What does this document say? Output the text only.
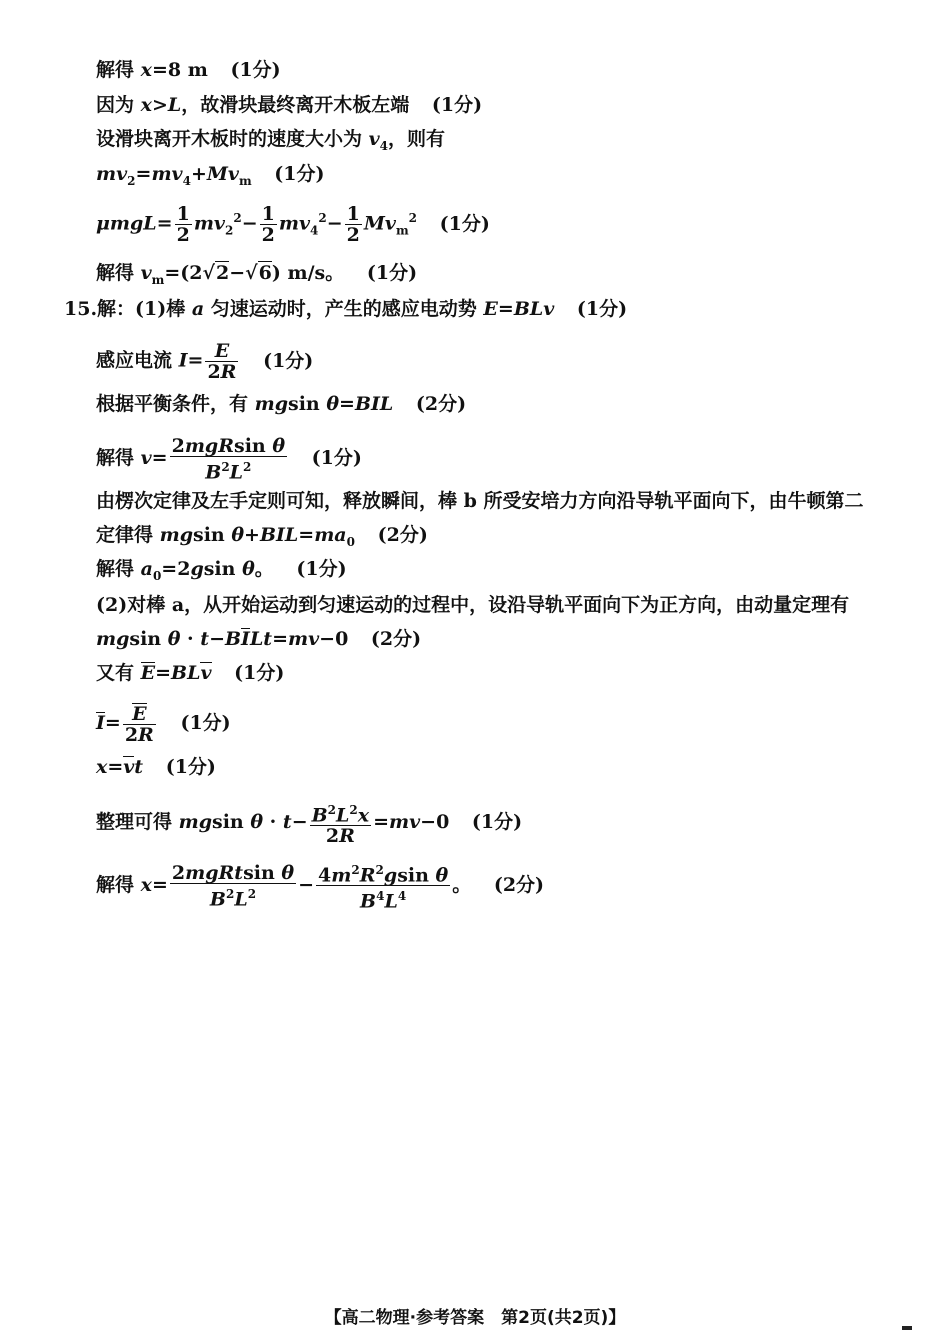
解得 x=8 m (1分)
因为 x>L，故滑块最终离开木板左端 (1分)
设滑块离开木板时的速度大小为 $v_4$，则有
$mv_2=mv_4+Mv_m$ (1分)
$\mu mgL= \frac{1}{2} mv_2^2- \frac{1}{2} mv_4^2- \frac{1}{2} Mv_m^2$ (1分)
解得 $v_m=(2√2-√6)$ m/s。 (1分)
15.解：(1)棒 a 匀速运动时，产生的感应电动势 E=BLv (1分)
感应电流 $I= \frac{E}{2R} (1$分)
根据平衡条件，有 mgsin θ=BIL (2分)
解得 $v= \frac{\text{2mgRsin θ}}{B^2L^2} (1$分)
由楞次定律及左手定则可知，释放瞬间，棒 b 所受安培力方向沿导轨平面向下，由牛顿第二
定律得 mgsin $\theta+BIL=ma_0$ (2分)
解得 $a_0=2gsin$ θ。 (1分)
(2)对棒 a，从开始运动到匀速运动的过程中，设沿导轨平面向下为正方向，由动量定理有
mgsin θ · t−BILt=mv−0 (2分)
又有 E=BLv (1分)
$I= \frac{E}{2R} (1$分)
x=vt (1分)
整理可得 mgsin $\theta \cdot t- \frac{B^2L^2x}{2R} =mv-0$ (1分)
解得 $x= \frac{\text{2mgRtsin θ}}{B^2L^2} - \frac{4m^2R^2gsin \theta}{B^4L^4}$ 。 (2分)
【高二物理·参考答案　第2页(共2页)】
